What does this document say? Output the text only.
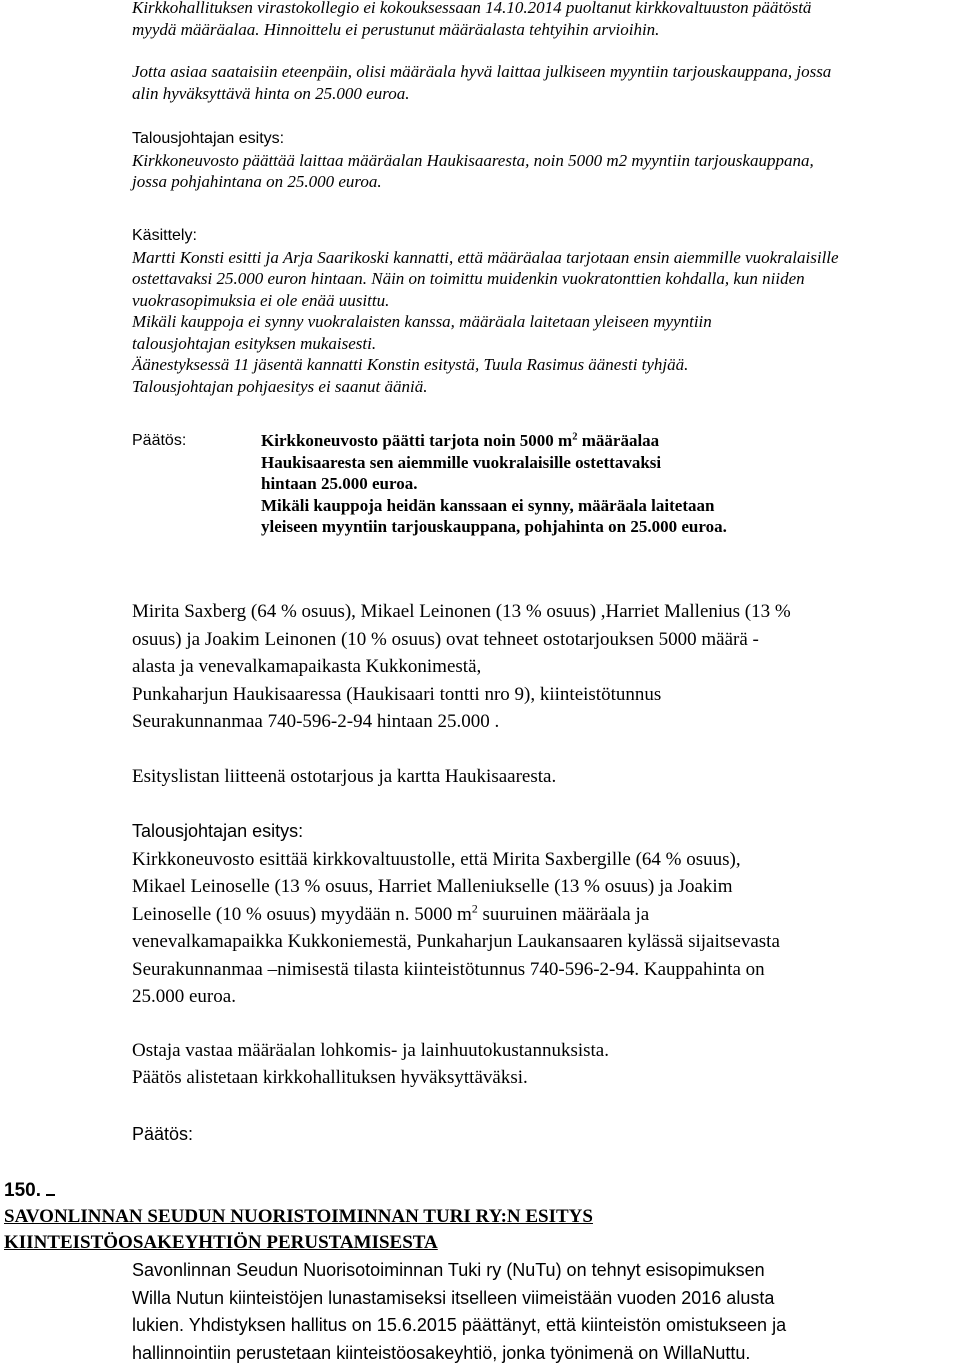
Kirkkohallituksen virastokollegio ei kokouksessaan 14.10.2014 puoltanut kirkkovaltuuston päätöstä
myydä määräalaa. Hinnoittelu ei perustunut määräalasta tehtyihin arvioihin.

Jotta asiaa saataisiin eteenpäin, olisi määräala hyvä laittaa julkiseen myyntiin tarjouskauppana, jossa
alin hyväksyttävä hinta on 25.000 euroa.

Talousjohtajan esitys:

Kirkkoneuvosto päättää laittaa määräalan Haukisaaresta, noin 5000 m2 myyntiin tarjouskauppana,
jossa pohjahintana on 25.000 euroa.

Käsittely:

Martti Konsti esitti ja Arja Saarikoski kannatti, että määräalaa tarjotaan ensin aiemmille vuokralaisille
ostettavaksi 25.000 euron hintaan. Näin on toimittu muidenkin vuokratonttien kohdalla, kun niiden
vuokrasopimuksia ei ole enää uusittu.

Mikäli kauppoja ei synny vuokralaisten kanssa, määräala laitetaan yleiseen myyntiin
talousjohtajan esityksen mukaisesti.

Äänestyksessä 11 jäsentä kannatti Konstin esitystä, Tuula Rasimus äänesti tyhjää.

Talousjohtajan pohjaesitys ei saanut ääniä.

Päätös:	Kirkkoneuvosto päätti tarjota noin 5000 $m^2$ määräalaa
Haukisaaresta sen aiemmille vuokralaisille ostettavaksi
hintaan 25.000 euroa.
Mikäli kauppoja heidän kanssaan ei synny, määräala laitetaan
yleiseen myyntiin tarjouskauppana, pohjahinta on 25.000 euroa.

Mirita Saxberg (64 % osuus), Mikael Leinonen (13 % osuus) ,Harriet Mallenius (13 %
osuus) ja Joakim Leinonen (10 % osuus) ovat tehneet ostotarjouksen 5000 määrä -
alasta ja venevalkamapaikasta Kukkonimestä,
Punkaharjun Haukisaaressa (Haukisaari tontti nro 9), kiinteistötunnus
Seurakunnanmaa 740-596-2-94 hintaan 25.000 .

Esityslistan liitteenä ostotarjous ja kartta Haukisaaresta.

Talousjohtajan esitys:

Kirkkoneuvosto esittää kirkkovaltuustolle, että Mirita Saxbergille (64 % osuus),
Mikael Leinoselle (13 % osuus, Harriet Malleniukselle (13 % osuus) ja Joakim
Leinoselle (10 % osuus) myydään n. 5000 $m^2$ suuruinen määräala ja
venevalkamapaikka Kukkoniemestä, Punkaharjun Laukansaaren kylässä sijaitsevasta
Seurakunnanmaa –nimisestä tilasta kiinteistötunnus 740-596-2-94. Kauppahinta on
25.000 euroa.

Ostaja vastaa määräalan lohkomis- ja lainhuutokustannuksista.
Päätös alistetaan kirkkohallituksen hyväksyttäväksi.

Päätös:
150.
SAVONLINNAN SEUDUN NUORISTOIMINNAN TURI RY:N ESITYS
KIINTEISTÖOSAKEYHTIÖN PERUSTAMISESTA
Savonlinnan Seudun Nuorisotoiminnan Tuki ry (NuTu) on tehnyt esisopimuksen
Willa Nutun kiinteistöjen lunastamiseksi itselleen viimeistään vuoden 2016 alusta
lukien. Yhdistyksen hallitus on 15.6.2015 päättänyt, että kiinteistön omistukseen ja
hallinnointiin perustetaan kiinteistöosakeyhtiö, jonka työnimenä on WillaNuttu.
